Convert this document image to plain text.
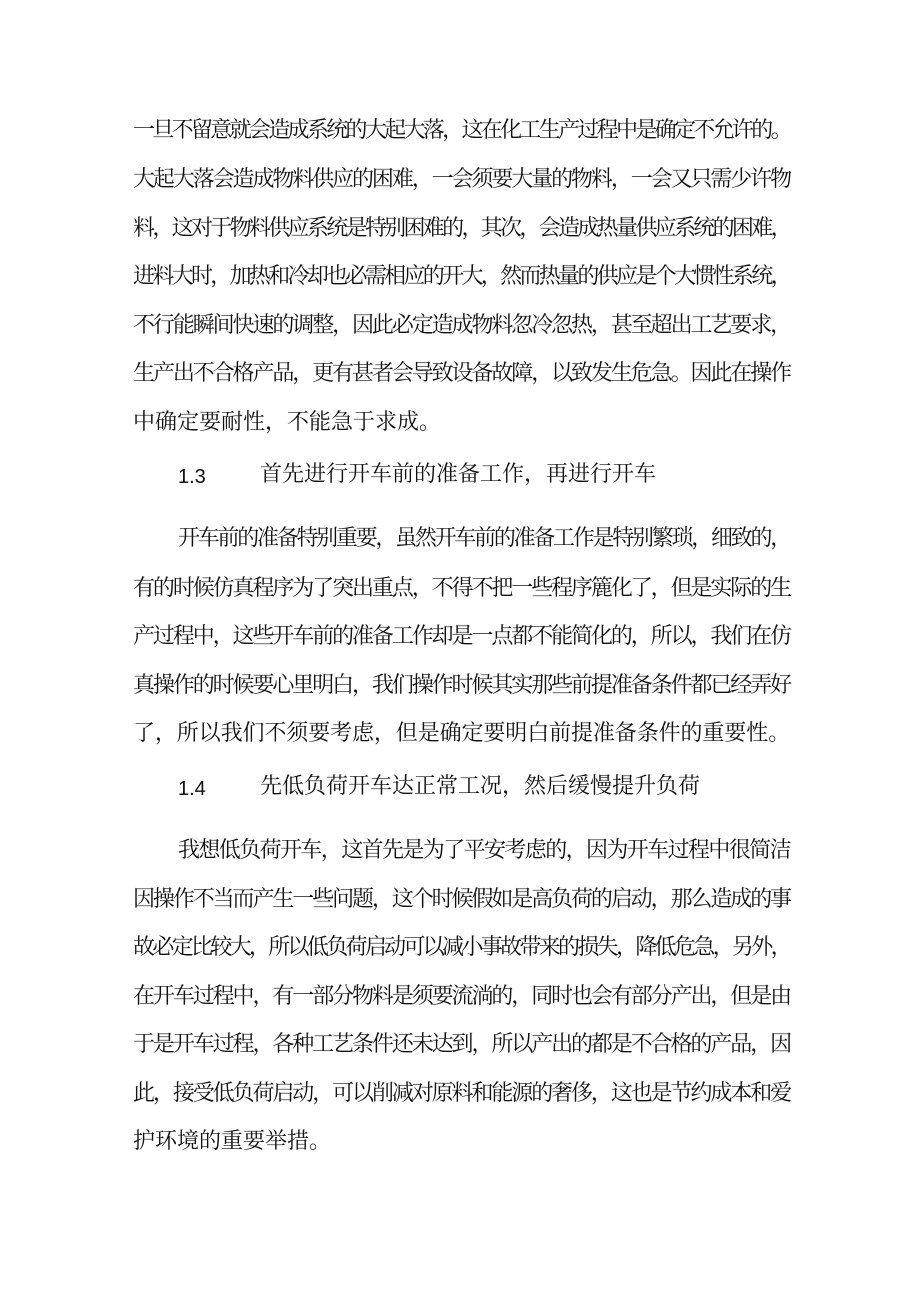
一旦不留意就会造成系统的大起大落，这在化工生产过程中是确定不允许的。
大起大落会造成物料供应的困难，一会须要大量的物料，一会又只需少许物
料，这对于物料供应系统是特别困难的，其次，会造成热量供应系统的困难，
进料大时，加热和冷却也必需相应的开大，然而热量的供应是个大惯性系统，
不行能瞬间快速的调整，因此必定造成物料忽冷忽热，甚至超出工艺要求，
生产出不合格产品，更有甚者会导致设备故障，以致发生危急。因此在操作
中确定要耐性，不能急于求成。
1.3 首先进行开车前的准备工作，再进行开车
开车前的准备特别重要，虽然开车前的准备工作是特别繁琐，细致的，
有的时候仿真程序为了突出重点，不得不把一些程序簏化了，但是实际的生
产过程中，这些开车前的准备工作却是一点都不能简化的，所以，我们在仿
真操作的时候要心里明白，我们操作时候其实那些前提准备条件都已经弄好
了，所以我们不须要考虑，但是确定要明白前提准备条件的重要性。
1.4 先低负荷开车达正常工况，然后缓慢提升负荷
我想低负荷开车，这首先是为了平安考虑的，因为开车过程中很简洁
因操作不当而产生一些问题，这个时候假如是高负荷的启动，那么造成的事
故必定比较大，所以低负荷启动可以减小事故带来的损失，降低危急，另外，
在开车过程中，有一部分物料是须要流淌的，同时也会有部分产出，但是由
于是开车过程，各种工艺条件还未达到，所以产出的都是不合格的产品，因
此，接受低负荷启动，可以削减对原料和能源的奢侈，这也是节约成本和爱
护环境的重要举措。
